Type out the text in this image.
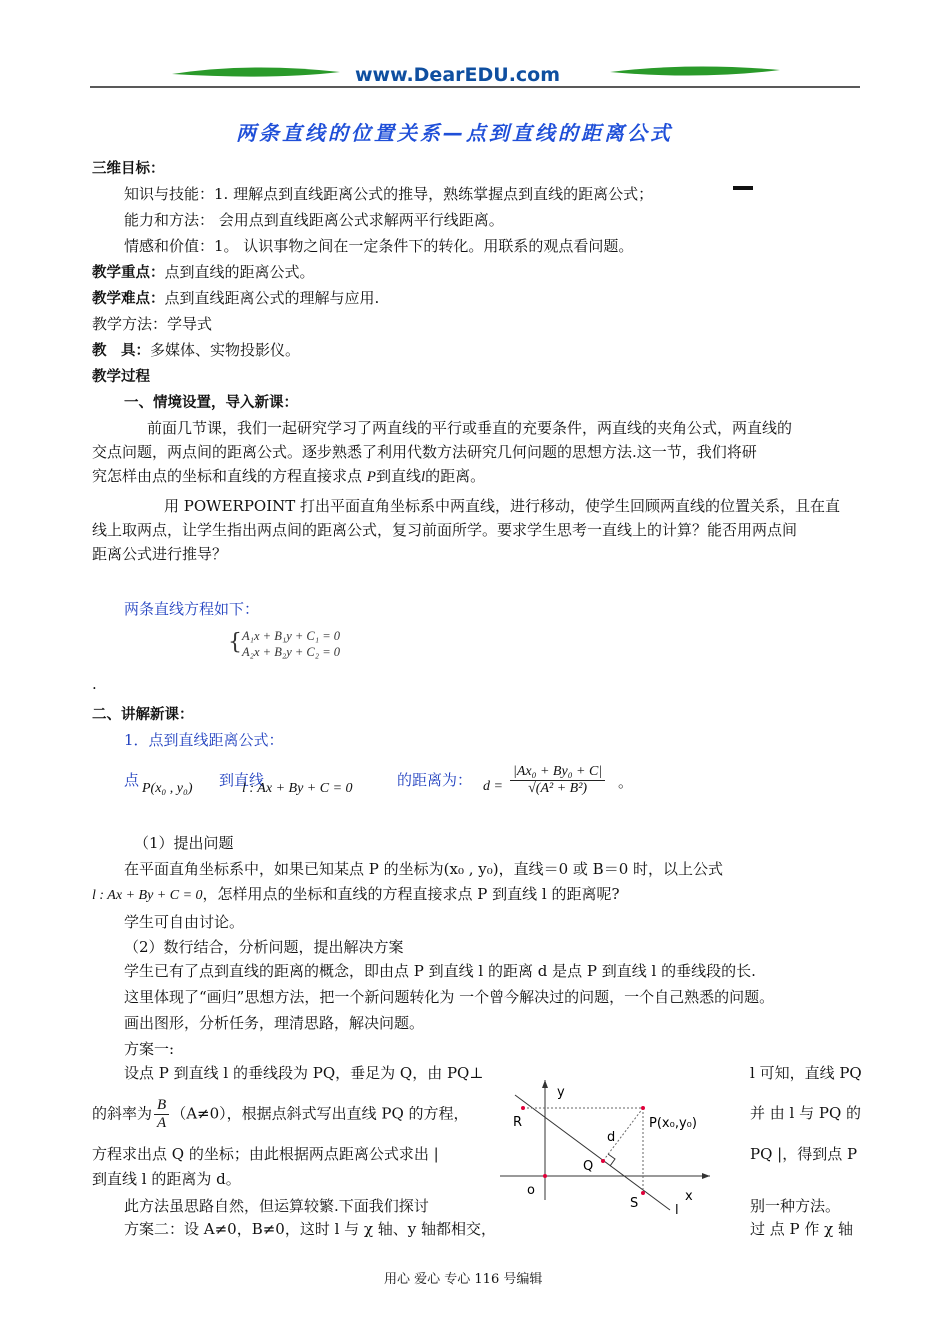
www.DearEDU.com
两条直线的位置关系—点到直线的距离公式
三维目标：
知识与技能：1. 理解点到直线距离公式的推导，熟练掌握点到直线的距离公式；
能力和方法： 会用点到直线距离公式求解两平行线距离。
情感和价值：1。 认识事物之间在一定条件下的转化。用联系的观点看问题。
教学重点：点到直线的距离公式。
教学难点：点到直线距离公式的理解与应用.
教学方法：学导式
教　具：多媒体、实物投影仪。
教学过程
一、情境设置，导入新课：
前面几节课，我们一起研究学习了两直线的平行或垂直的充要条件，两直线的夹角公式，两直线的
交点问题，两点间的距离公式。逐步熟悉了利用代数方法研究几何问题的思想方法.这一节，我们将研
究怎样由点的坐标和直线的方程直接求点 P到直线l的距离。
用 POWERPOINT 打出平面直角坐标系中两直线，进行移动，使学生回顾两直线的位置关系，且在直
线上取两点，让学生指出两点间的距离公式，复习前面所学。要求学生思考一直线上的计算？能否用两点间
距离公式进行推导？
两条直线方程如下：
{ A₁x + B₁y + C₁ = 0
A₂x + B₂y + C₂ = 0
.
二、讲解新课：
1．点到直线距离公式：
点 P(x₀ , y₀) 到直线
l : Ax + By + C = 0	的距离为： $d = \frac{\text{|Ax₀ + By₀ + C|}}{\text{√(A² + B²)}}$ 。
（1）提出问题
在平面直角坐标系中，如果已知某点 P 的坐标为(x₀ , y₀)，直线＝0 或 B＝0 时，以上公式
l : Ax + By + C = 0，怎样用点的坐标和直线的方程直接求点 P 到直线 l 的距离呢?
学生可自由讨论。
（2）数行结合，分析问题，提出解决方案
学生已有了点到直线的距离的概念，即由点 P 到直线 l 的距离 d 是点 P 到直线 l 的垂线段的长.
这里体现了“画归”思想方法，把一个新问题转化为 一个曾今解决过的问题，一个自己熟悉的问题。
画出图形，分析任务，理清思路，解决问题。
方案一:
设点 P 到直线 l 的垂线段为 PQ，垂足为 Q，由 PQ⊥	l 可知，直线 PQ
的斜率为 $\frac{B}{A} (A\ne 0)$，根据点斜式写出直线 PQ 的方程，	并 由 l 与 PQ 的
方程求出点 Q 的坐标；由此根据两点距离公式求出 |	PQ |，得到点 P
到直线 l 的距离为 d。
此方法虽思路自然，但运算较繁.下面我们探讨	别一种方法。
方案二：设 A≠0，B≠0，这时 l 与 χ 轴、y 轴都相交，	过 点 P 作 χ 轴
y
x
o
R	P(x₀,y₀)
d
Q
S	l
用心 爱心 专心 116 号编辑
